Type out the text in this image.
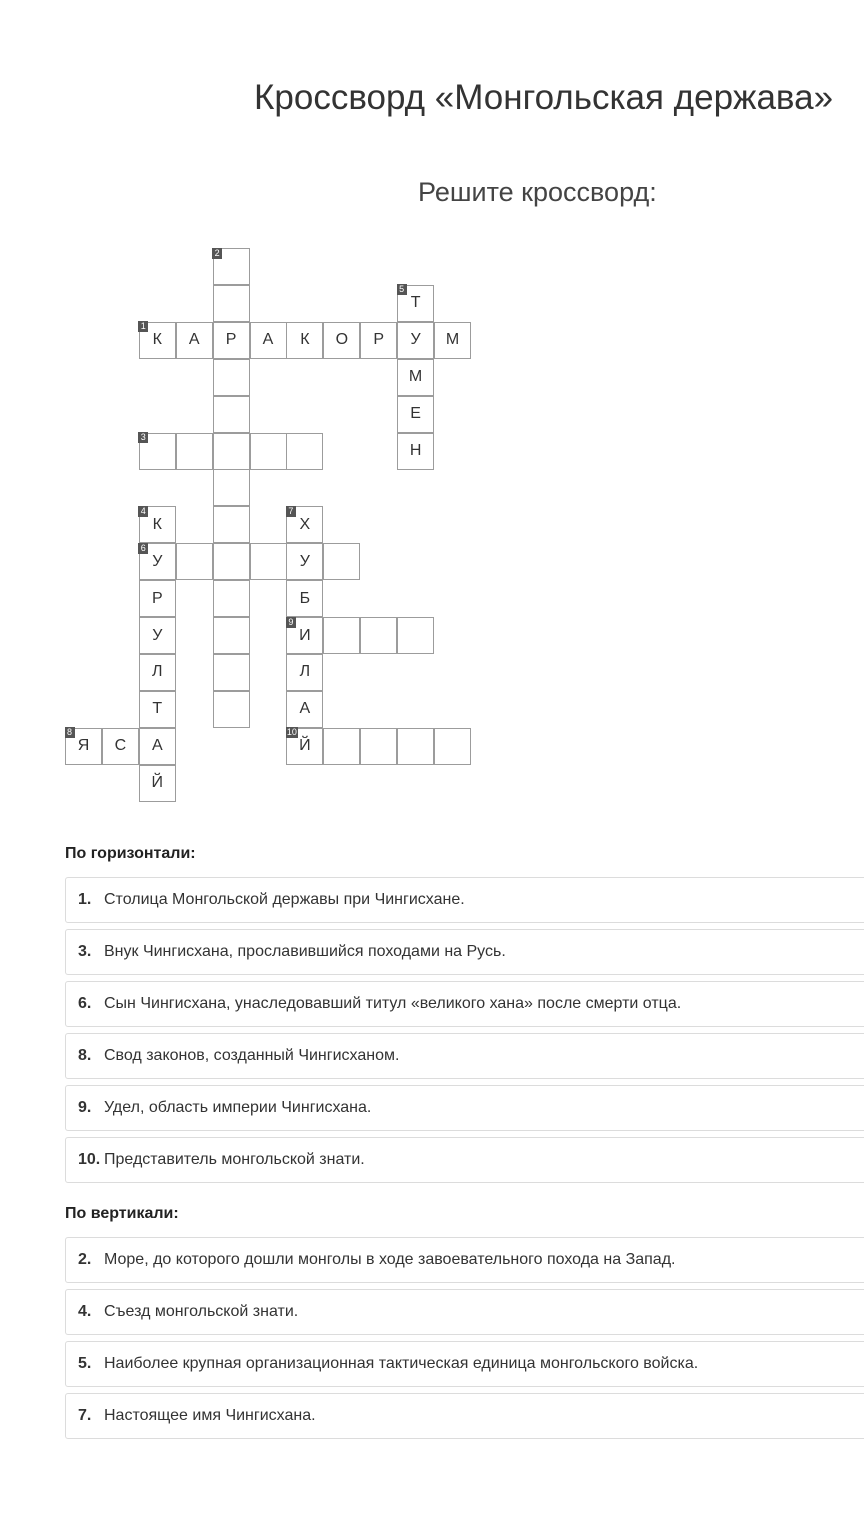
Кроссворд «Монгольская держава»
Решите кроссворд:
К
1
А	Р	А	К	О	Р	У	М
2
3
К
4
У
6
Р
У
Л
Т
А
Й
Т
5
М
Е
Н
У
Х
7
Б
И
9
Л
А
Й
10
Я
8
С
По горизонтали:
1. Столица Монгольской державы при Чингисхане.
3. Внук Чингисхана, прославившийся походами на Русь.
6. Сын Чингисхана, унаследовавший титул «великого хана» после смерти отца.
8. Свод законов, созданный Чингисханом.
9. Удел, область империи Чингисхана.
10. Представитель монгольской знати.
По вертикали:
2. Море, до которого дошли монголы в ходе завоевательного похода на Запад.
4. Съезд монгольской знати.
5. Наиболее крупная организационная тактическая единица монгольского войска.
7. Настоящее имя Чингисхана.
